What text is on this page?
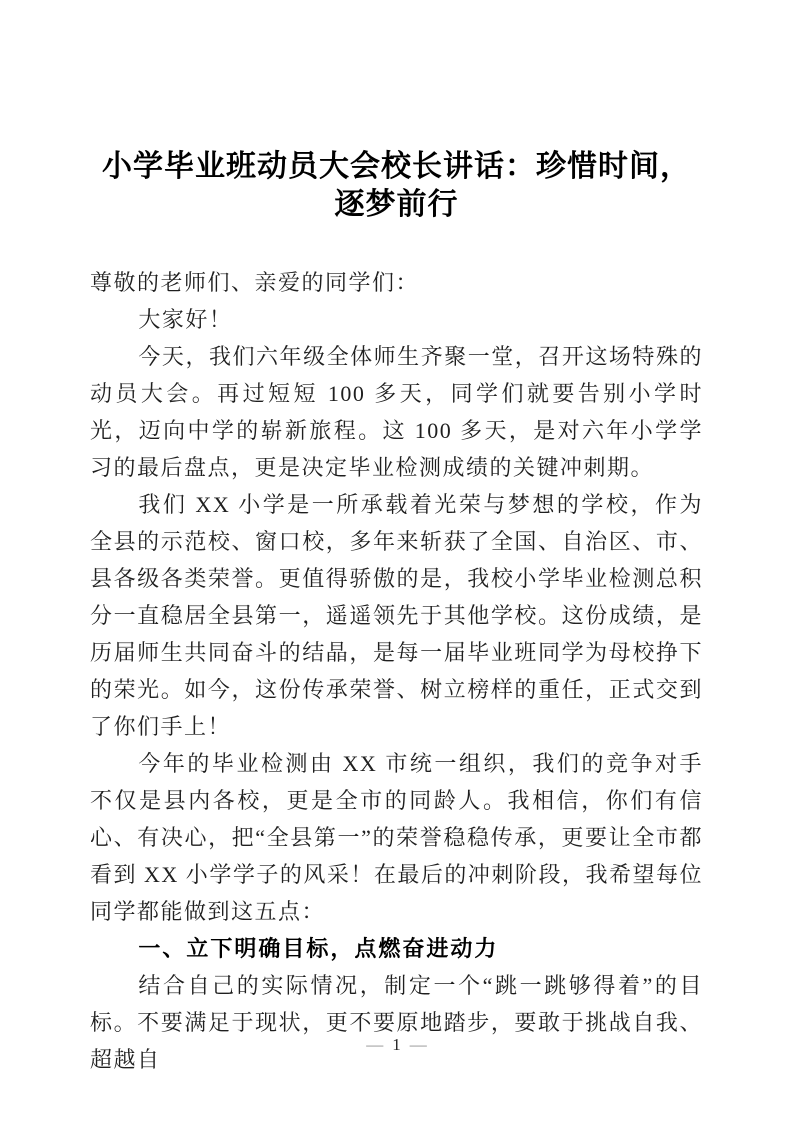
小学毕业班动员大会校长讲话：珍惜时间，
逐梦前行

尊敬的老师们、亲爱的同学们：

大家好！

今天，我们六年级全体师生齐聚一堂，召开这场特殊的动员大会。再过短短 100 多天，同学们就要告别小学时光，迈向中学的崭新旅程。这 100 多天，是对六年小学学习的最后盘点，更是决定毕业检测成绩的关键冲刺期。

我们 XX 小学是一所承载着光荣与梦想的学校，作为全县的示范校、窗口校，多年来斩获了全国、自治区、市、县各级各类荣誉。更值得骄傲的是，我校小学毕业检测总积分一直稳居全县第一，遥遥领先于其他学校。这份成绩，是历届师生共同奋斗的结晶，是每一届毕业班同学为母校挣下的荣光。如今，这份传承荣誉、树立榜样的重任，正式交到了你们手上！

今年的毕业检测由 XX 市统一组织，我们的竞争对手不仅是县内各校，更是全市的同龄人。我相信，你们有信心、有决心，把“全县第一”的荣誉稳稳传承，更要让全市都看到 XX 小学学子的风采！在最后的冲刺阶段，我希望每位同学都能做到这五点：

一、立下明确目标，点燃奋进动力

结合自己的实际情况，制定一个“跳一跳够得着”的目标。不要满足于现状，更不要原地踏步，要敢于挑战自我、超越自

— 1 —
